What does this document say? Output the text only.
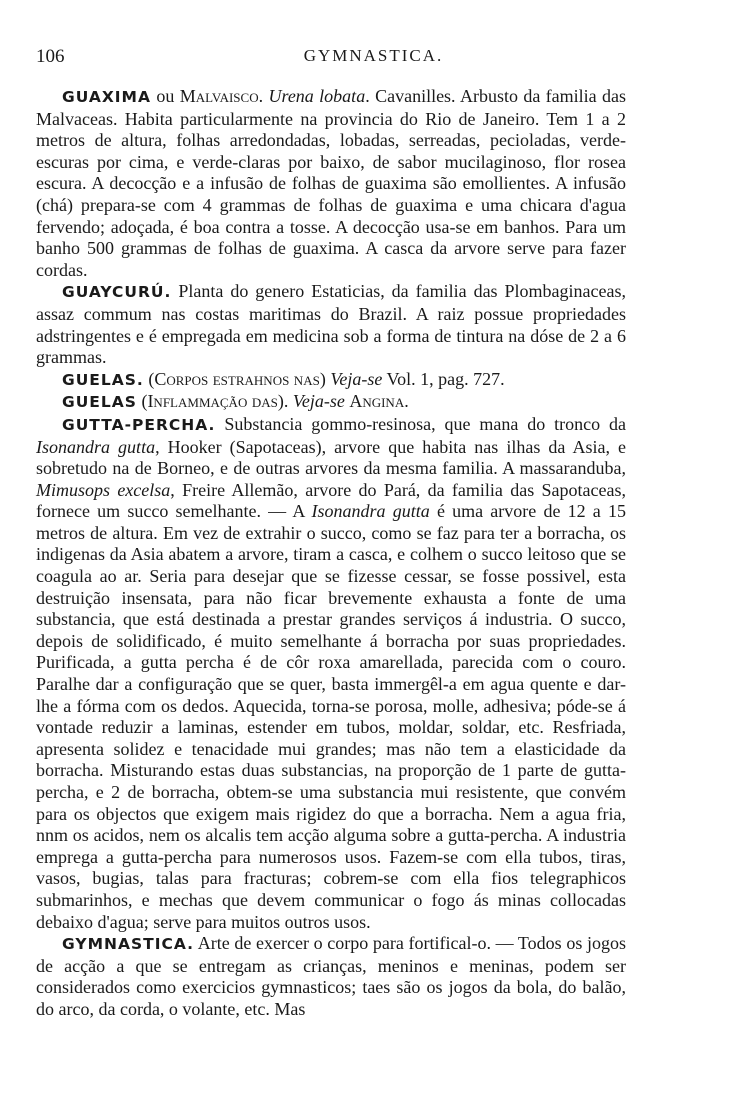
106	GYMNASTICA.

GUAXIMA ou Malvaisco. Urena lobata. Cavanilles. Arbusto da familia das Malvaceas. Habita particularmente na provincia do Rio de Janeiro. Tem 1 a 2 metros de altura, folhas arredondadas, lobadas, serreadas, pecioladas, verde-escuras por cima, e verde-claras por baixo, de sabor mucilaginoso, flor rosea escura. A decocção e a infusão de folhas de guaxima são emollientes. A infusão (chá) prepara-se com 4 grammas de folhas de guaxima e uma chicara d'agua fervendo; adoçada, é boa contra a tosse. A decocção usa-se em banhos. Para um banho 500 grammas de folhas de guaxima. A casca da arvore serve para fazer cordas.

GUAYCURÚ. Planta do genero Estaticias, da familia das Plombaginaceas, assaz commum nas costas maritimas do Brazil. A raiz possue propriedades adstringentes e é empregada em medicina sob a forma de tintura na dóse de 2 a 6 grammas.

GUELAS. (Corpos estrahnos nas) Veja-se Vol. 1, pag. 727.

GUELAS (Inflammação das). Veja-se Angina.

GUTTA-PERCHA. Substancia gommo-resinosa, que mana do tronco da Isonandra gutta, Hooker (Sapotaceas), arvore que habita nas ilhas da Asia, e sobretudo na de Borneo, e de outras arvores da mesma familia. A massaranduba, Mimusops excelsa, Freire Allemão, arvore do Pará, da familia das Sapotaceas, fornece um succo semelhante. — A Isonandra gutta é uma arvore de 12 a 15 metros de altura. Em vez de extrahir o succo, como se faz para ter a borracha, os indigenas da Asia abatem a arvore, tiram a casca, e colhem o succo leitoso que se coagula ao ar. Seria para desejar que se fizesse cessar, se fosse possivel, esta destruição insensata, para não ficar brevemente exhausta a fonte de uma substancia, que está destinada a prestar grandes serviços á industria. O succo, depois de solidificado, é muito semelhante á borracha por suas propriedades. Purificada, a gutta percha é de côr roxa amarellada, parecida com o couro. Paralhe dar a configuração que se quer, basta immergêl-a em agua quente e dar-lhe a fórma com os dedos. Aquecida, torna-se porosa, molle, adhesiva; póde-se á vontade reduzir a laminas, estender em tubos, moldar, soldar, etc. Resfriada, apresenta solidez e tenacidade mui grandes; mas não tem a elasticidade da borracha. Misturando estas duas substancias, na proporção de 1 parte de gutta-percha, e 2 de borracha, obtem-se uma substancia mui resistente, que convém para os objectos que exigem mais rigidez do que a borracha. Nem a agua fria, nnm os acidos, nem os alcalis tem acção alguma sobre a gutta-percha. A industria emprega a gutta-percha para numerosos usos. Fazem-se com ella tubos, tiras, vasos, bugias, talas para fracturas; cobrem-se com ella fios telegraphicos submarinhos, e mechas que devem communicar o fogo ás minas collocadas debaixo d'agua; serve para muitos outros usos.

GYMNASTICA. Arte de exercer o corpo para fortifical-o. — Todos os jogos de acção a que se entregam as crianças, meninos e meninas, podem ser considerados como exercicios gymnasticos; taes são os jogos da bola, do balão, do arco, da corda, o volante, etc. Mas
